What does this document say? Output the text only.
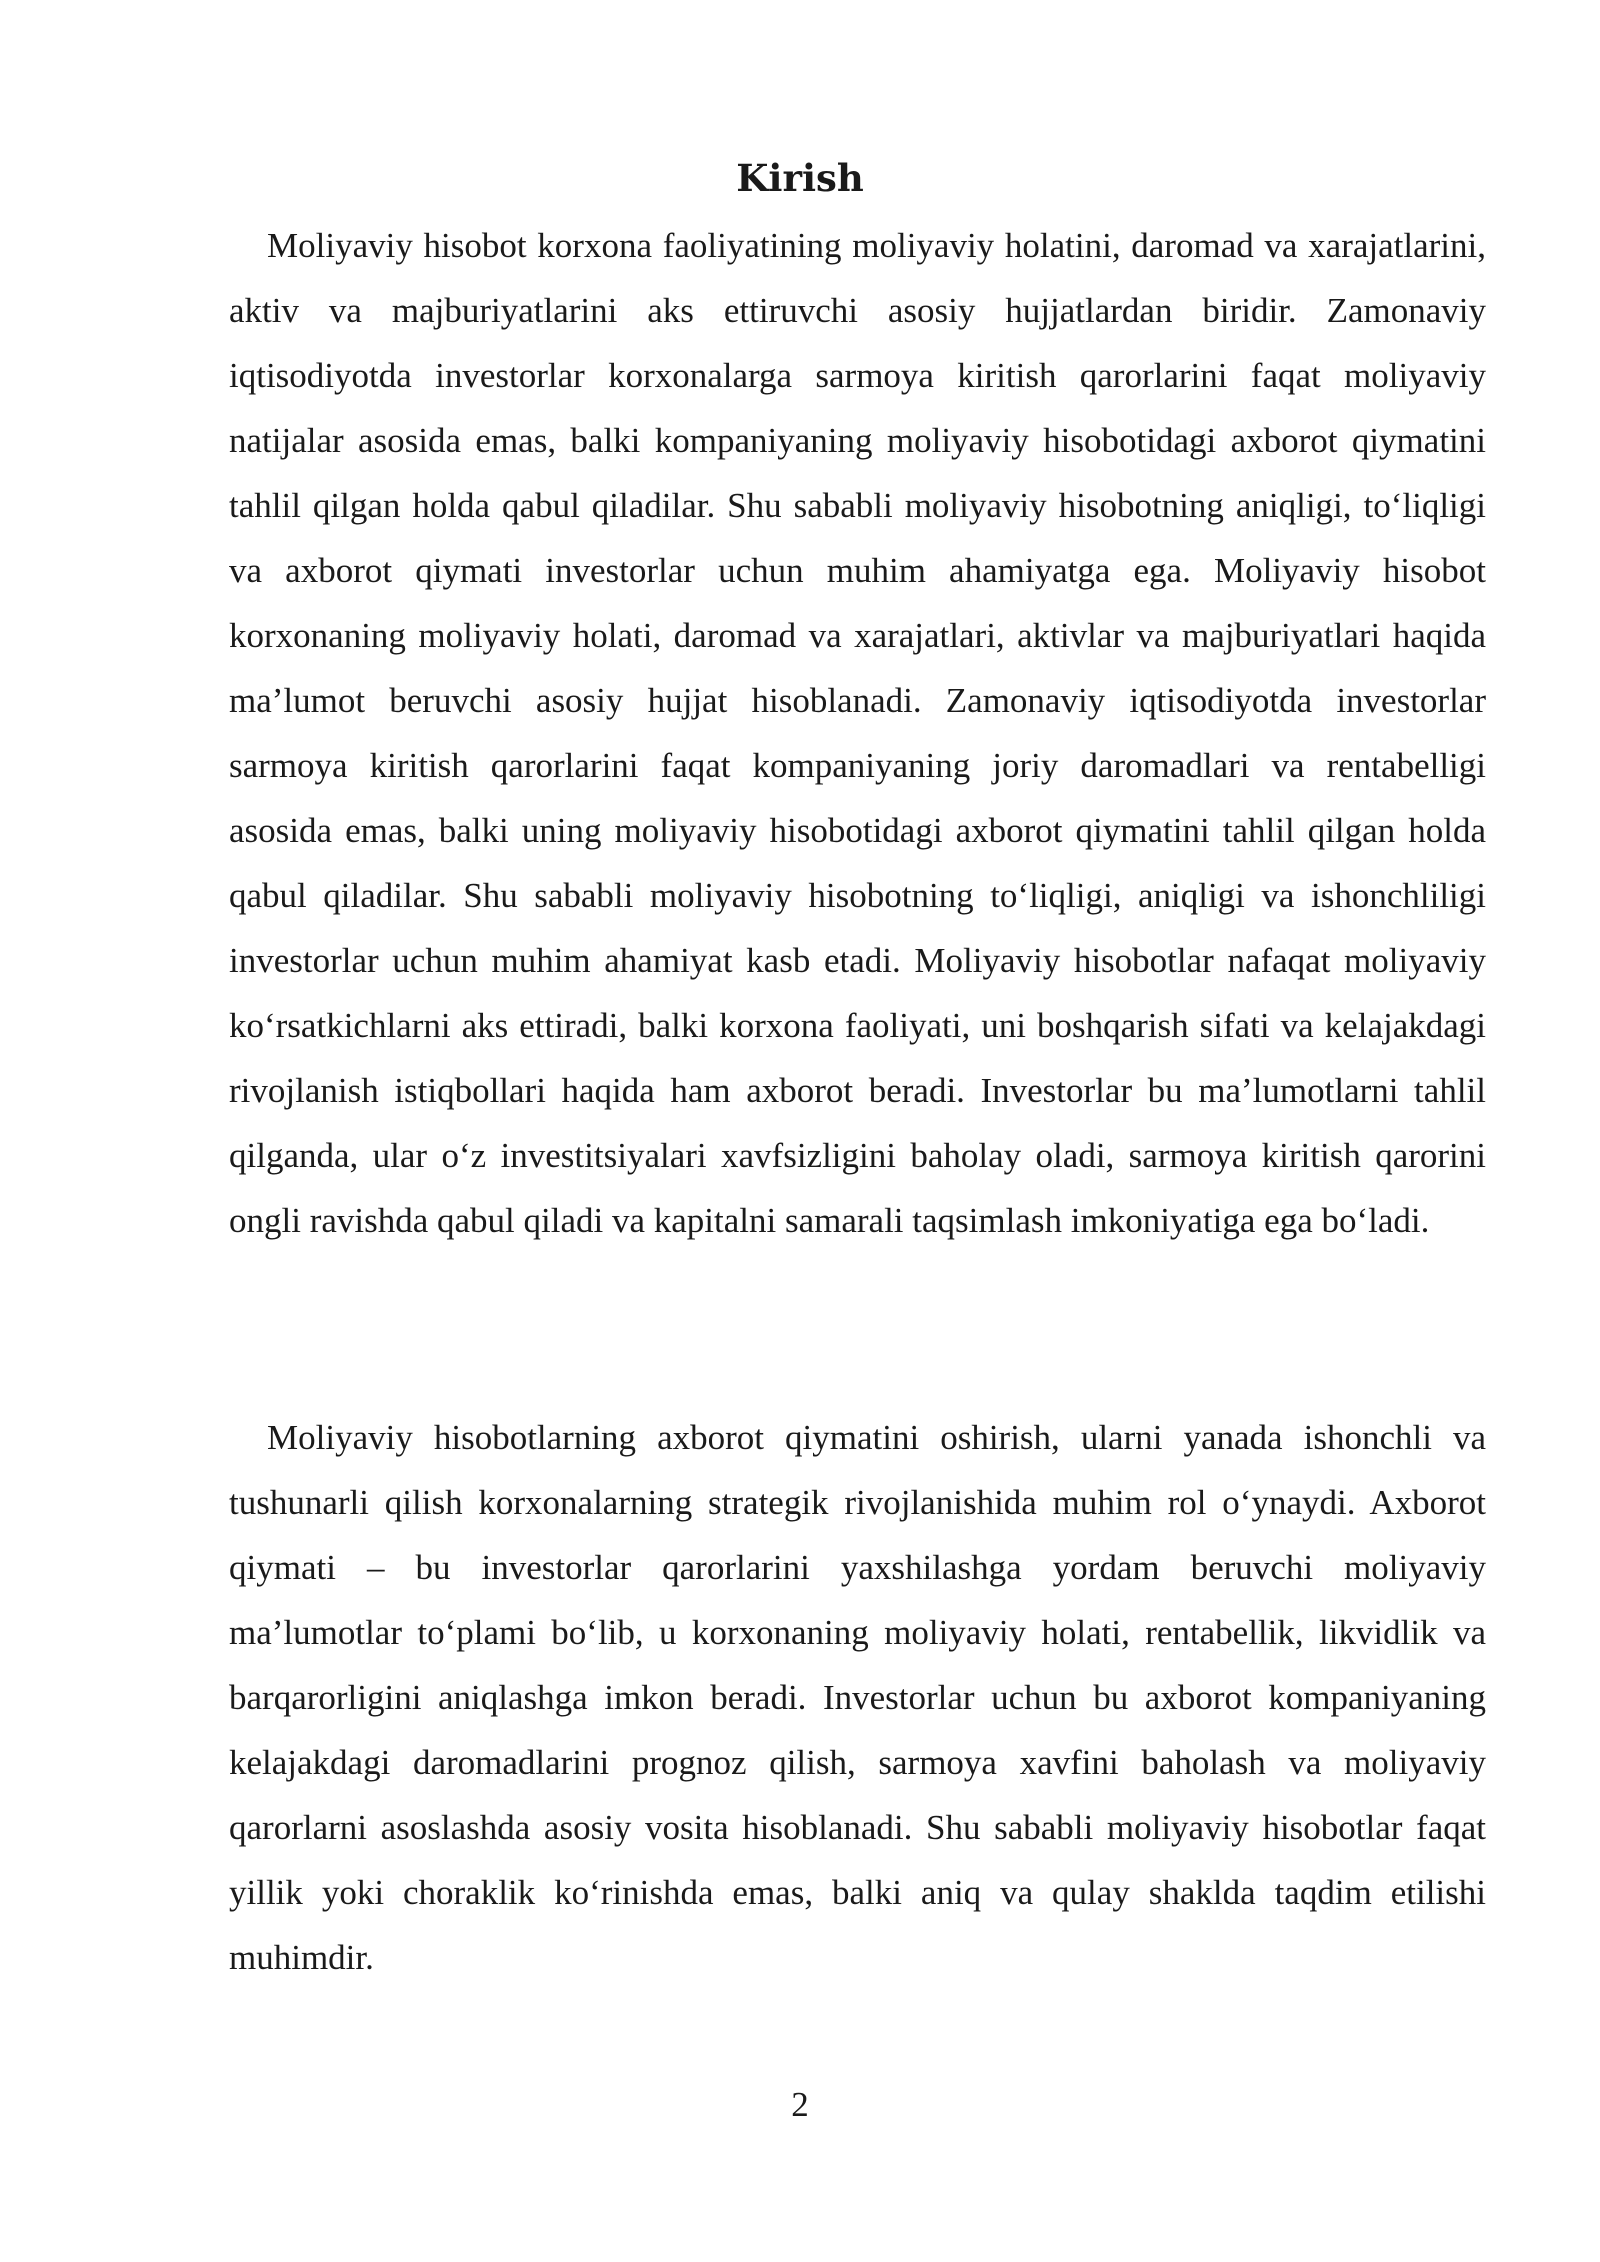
Kirish

Moliyaviy hisobot korxona faoliyatining moliyaviy holatini, daromad va xarajatlarini, aktiv va majburiyatlarini aks ettiruvchi asosiy hujjatlardan biridir. Zamonaviy iqtisodiyotda investorlar korxonalarga sarmoya kiritish qarorlarini faqat moliyaviy natijalar asosida emas, balki kompaniyaning moliyaviy hisobotidagi axborot qiymatini tahlil qilgan holda qabul qiladilar. Shu sababli moliyaviy hisobotning aniqligi, to‘liqligi va axborot qiymati investorlar uchun muhim ahamiyatga ega. Moliyaviy hisobot korxonaning moliyaviy holati, daromad va xarajatlari, aktivlar va majburiyatlari haqida ma’lumot beruvchi asosiy hujjat hisoblanadi. Zamonaviy iqtisodiyotda investorlar sarmoya kiritish qarorlarini faqat kompaniyaning joriy daromadlari va rentabelligi asosida emas, balki uning moliyaviy hisobotidagi axborot qiymatini tahlil qilgan holda qabul qiladilar. Shu sababli moliyaviy hisobotning to‘liqligi, aniqligi va ishonchliligi investorlar uchun muhim ahamiyat kasb etadi. Moliyaviy hisobotlar nafaqat moliyaviy ko‘rsatkichlarni aks ettiradi, balki korxona faoliyati, uni boshqarish sifati va kelajakdagi rivojlanish istiqbollari haqida ham axborot beradi. Investorlar bu ma’lumotlarni tahlil qilganda, ular o‘z investitsiyalari xavfsizligini baholay oladi, sarmoya kiritish qarorini ongli ravishda qabul qiladi va kapitalni samarali taqsimlash imkoniyatiga ega bo‘ladi.

Moliyaviy hisobotlarning axborot qiymatini oshirish, ularni yanada ishonchli va tushunarli qilish korxonalarning strategik rivojlanishida muhim rol o‘ynaydi. Axborot qiymati – bu investorlar qarorlarini yaxshilashga yordam beruvchi moliyaviy ma’lumotlar to‘plami bo‘lib, u korxonaning moliyaviy holati, rentabellik, likvidlik va barqarorligini aniqlashga imkon beradi. Investorlar uchun bu axborot kompaniyaning kelajakdagi daromadlarini prognoz qilish, sarmoya xavfini baholash va moliyaviy qarorlarni asoslashda asosiy vosita hisoblanadi. Shu sababli moliyaviy hisobotlar faqat yillik yoki choraklik ko‘rinishda emas, balki aniq va qulay shaklda taqdim etilishi muhimdir.

2
